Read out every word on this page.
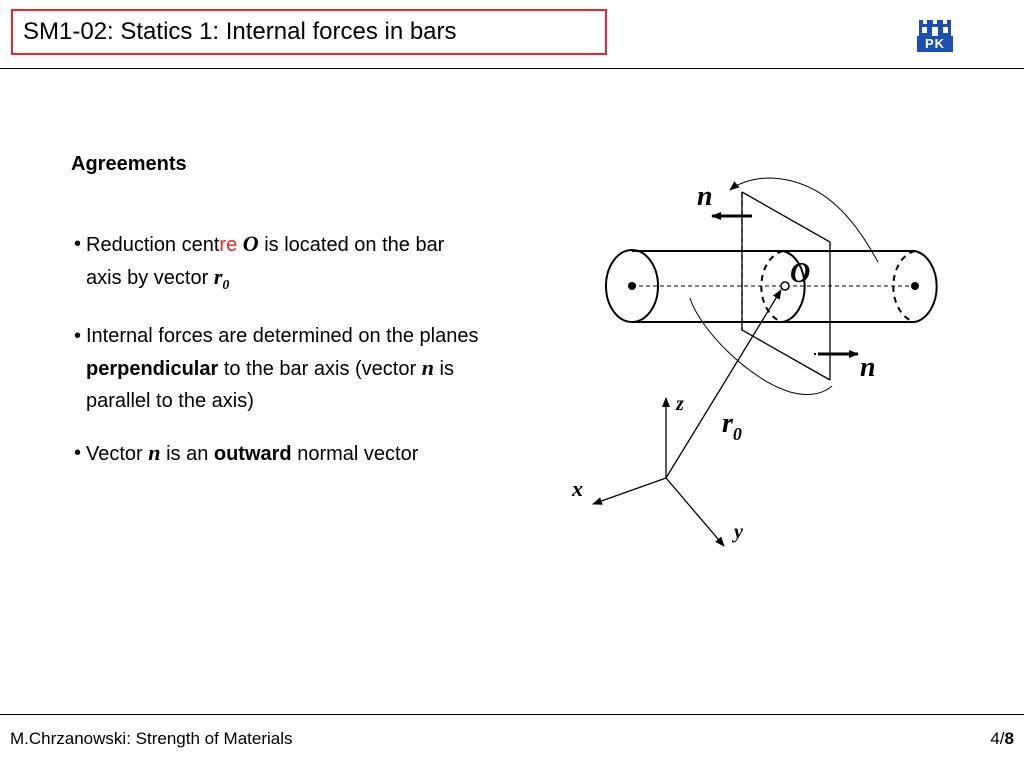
SM1-02: Statics 1: Internal forces in bars	PK
Agreements

• Reduction centre O is located on the bar axis by vector $r_0$

• Internal forces are determined on the planes perpendicular to the bar axis (vector n is parallel to the axis)

• Vector n is an outward normal vector

n
n
O
$r_0$
z
x
y
M.Chrzanowski: Strength of Materials	4/8
